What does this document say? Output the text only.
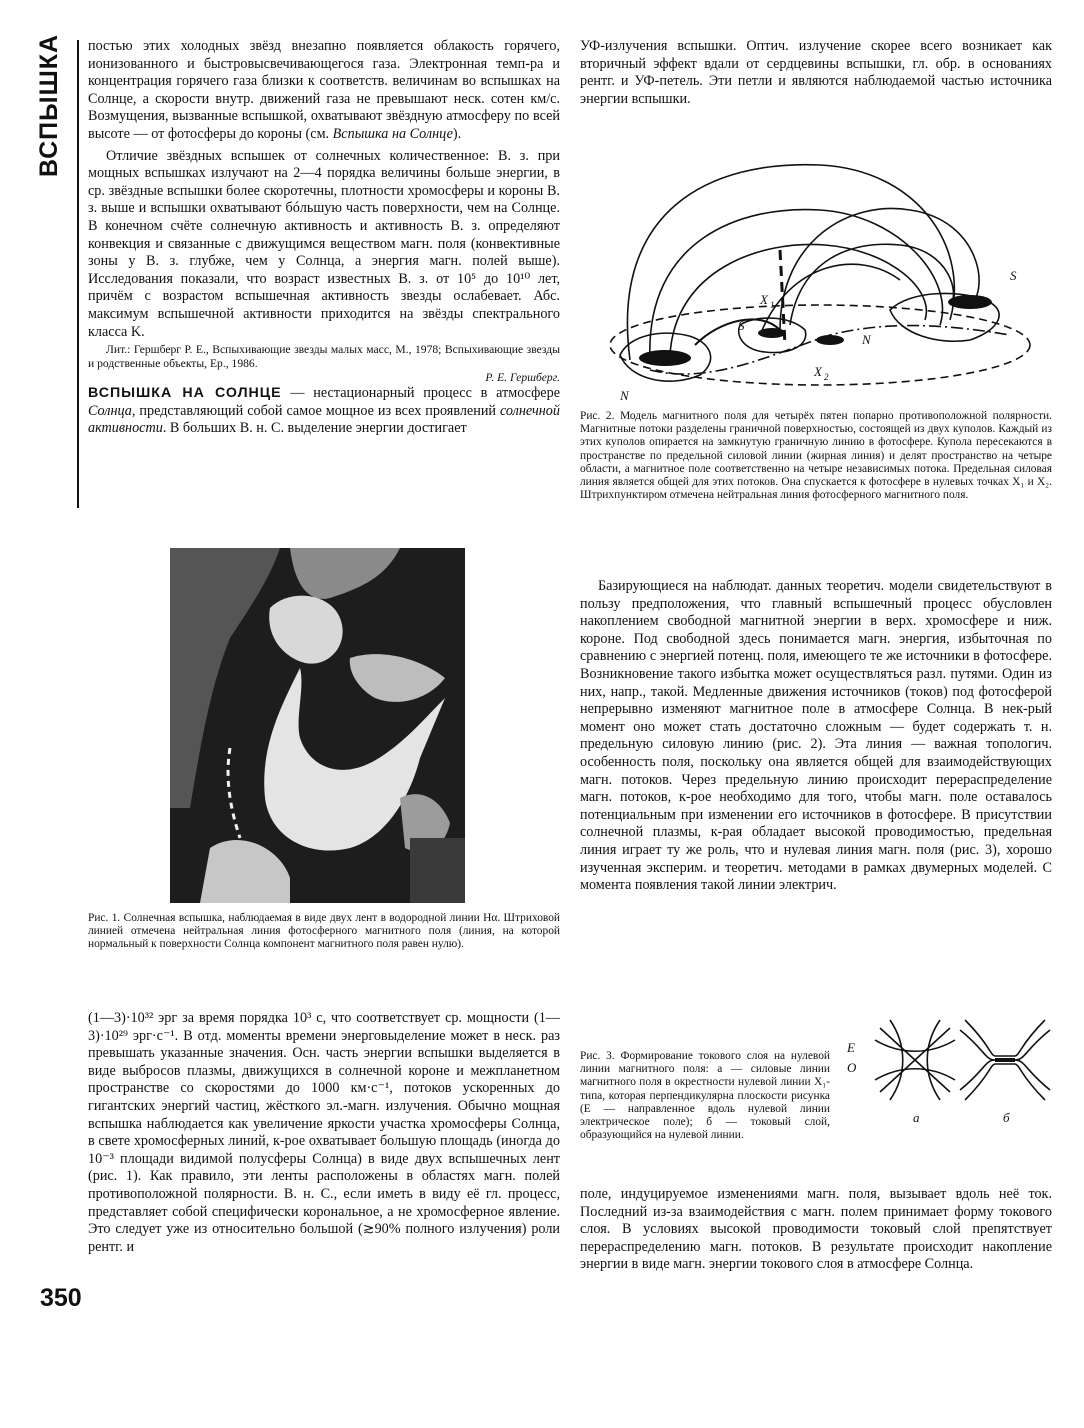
ВСПЫШКА постью этих холодных звёзд внезапно появляется облакость горячего, ионизованного и быстровысвечивающегося газа. Электронная темп-ра и концентрация горячего газа близки к соответств. величинам во вспышках на Солнце, а скорости внутр. движений газа не превышают неск. сотен км/с. Возмущения, вызванные вспышкой, охватывают звёздную атмосферу по всей высоте — от фотосферы до короны (см. Вспышка на Солнце).

Отличие звёздных вспышек от солнечных количественное: В. з. при мощных вспышках излучают на 2—4 порядка величины больше энергии, в ср. звёздные вспышки более скоротечны, плотности хромосферы и короны В. з. выше и вспышки охватывают бóльшую часть поверхности, чем на Солнце. В конечном счёте солнечную активность и активность В. з. определяют конвекция и связанные с движущимся веществом магн. поля (конвективные зоны у В. з. глубже, чем у Солнца, а энергия магн. полей выше). Исследования показали, что возраст известных В. з. от 10⁵ до 10¹⁰ лет, причём с возрастом вспышечная активность звезды ослабевает. Абс. максимум вспышечной активности приходится на звёзды спектрального класса K.

Лит.: Гершберг Р. Е., Вспыхивающие звезды малых масс, М., 1978; Вспыхивающие звезды и родственные объекты, Ер., 1986.
Р. Е. Гершберг.

ВСПЫШКА НА СОЛНЦЕ — нестационарный процесс в атмосфере Солнца, представляющий собой самое мощное из всех проявлений солнечной активности. В больших В. н. С. выделение энергии достигает

Рис. 1. Солнечная вспышка, наблюдаемая в виде двух лент в водородной линии Hα. Штриховой линией отмечена нейтральная линия фотосферного магнитного поля (линия, на которой нормальный к поверхности Солнца компонент магнитного поля равен нулю).

(1—3)·10³² эрг за время порядка 10³ с, что соответствует ср. мощности (1—3)·10²⁹ эрг·с⁻¹. В отд. моменты времени энерговыделение может в неск. раз превышать указанные значения. Осн. часть энергии вспышки выделяется в виде выбросов плазмы, движущихся в солнечной короне и межпланетном пространстве со скоростями до 1000 км·с⁻¹, потоков ускоренных до гигантских энергий частиц, жёсткого эл.-магн. излучения. Обычно мощная вспышка наблюдается как увеличение яркости участка хромосферы Солнца, в свете хромосферных линий, к-рое охватывает большую площадь (иногда до 10⁻³ площади видимой полусферы Солнца) в виде двух вспышечных лент (рис. 1). Как правило, эти ленты расположены в областях магн. полей противоположной полярности. В. н. С., если иметь в виду её гл. процесс, представляет собой специфически корональное, а не хромосферное явление. Это следует уже из относительно большой (≳90% полного излучения) роли рентг. и

350

УФ-излучения вспышки. Оптич. излучение скорее всего возникает как вторичный эффект вдали от сердцевины вспышки, гл. обр. в основаниях рентг. и УФ-петель. Эти петли и являются наблюдаемой частью источника энергии вспышки.

S
X 1
S
N
X 2
N
Рис. 2. Модель магнитного поля для четырёх пятен попарно противоположной полярности. Магнитные потоки разделены граничной поверхностью, состоящей из двух куполов. Каждый из этих куполов опирается на замкнутую граничную линию в фотосфере. Купола пересекаются в пространстве по предельной силовой линии (жирная линия) и делят пространство на четыре области, а магнитное поле соответственно на четыре независимых потока. Предельная силовая линия является общей для этих потоков. Она спускается к фотосфере в нулевых точках X₁ и X₂. Штрихпунктиром отмечена нейтральная линия фотосферного магнитного поля.

Базирующиеся на наблюдат. данных теоретич. модели свидетельствуют в пользу предположения, что главный вспышечный процесс обусловлен накоплением свободной магнитной энергии в верх. хромосфере и ниж. короне. Под свободной здесь понимается магн. энергия, избыточная по сравнению с энергией потенц. поля, имеющего те же источники в фотосфере. Возникновение такого избытка может осуществляться разл. путями. Один из них, напр., такой. Медленные движения источников (токов) под фотосферой непрерывно изменяют магнитное поле в атмосфере Солнца. В нек-рый момент оно может стать достаточно сложным — будет содержать т. н. предельную силовую линию (рис. 2). Эта линия — важная топологич. особенность поля, поскольку она является общей для взаимодействующих магн. потоков. Через предельную линию происходит перераспределение магн. потоков, к-рое необходимо для того, чтобы магн. поле оставалось потенциальным при изменении его источников в фотосфере. В присутствии солнечной плазмы, к-рая обладает высокой проводимостью, предельная линия играет ту же роль, что и нулевая линия магн. поля (рис. 3), хорошо изученная эксперим. и теоретич. методами в рамках двумерных моделей. С момента появления такой линии электрич.

E
O
а	б
Рис. 3. Формирование токового слоя на нулевой линии магнитного поля: а — силовые линии магнитного поля в окрестности нулевой линии X₁-типа, которая перпендикулярна плоскости рисунка (E — направленное вдоль нулевой линии электрическое поле); б — токовый слой, образующийся на нулевой линии.

поле, индуцируемое изменениями магн. поля, вызывает вдоль неё ток. Последний из-за взаимодействия с магн. полем принимает форму токового слоя. В условиях высокой проводимости токовый слой препятствует перераспределению магн. потоков. В результате происходит накопление энергии в виде магн. энергии токового слоя в атмосфере Солнца.
